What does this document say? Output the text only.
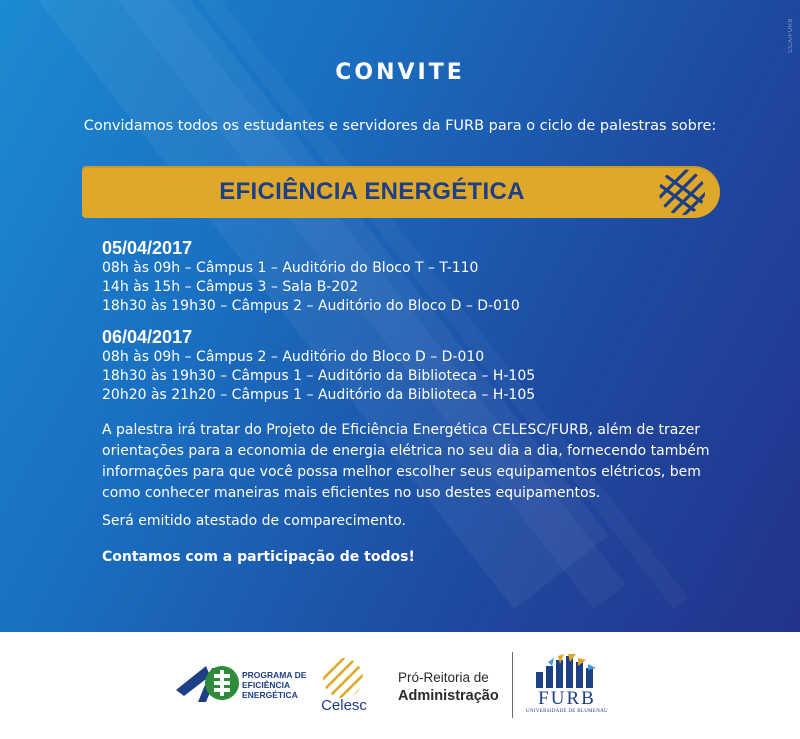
CCA/FURB
CONVITE
Convidamos todos os estudantes e servidores da FURB para o ciclo de palestras sobre:
EFICIÊNCIA ENERGÉTICA
05/04/2017
08h às 09h – Câmpus 1 – Auditório do Bloco T – T-110
14h às 15h – Câmpus 3 – Sala B-202
18h30 às 19h30 – Câmpus 2 – Auditório do Bloco D – D-010
06/04/2017
08h às 09h – Câmpus 2 – Auditório do Bloco D – D-010
18h30 às 19h30 – Câmpus 1 – Auditório da Biblioteca – H-105
20h20 às 21h20 – Câmpus 1 – Auditório da Biblioteca – H-105
A palestra irá tratar do Projeto de Eficiência Energética CELESC/FURB, além de trazer
orientações para a economia de energia elétrica no seu dia a dia, fornecendo também
informações para que você possa melhor escolher seus equipamentos elétricos, bem
como conhecer maneiras mais eficientes no uso destes equipamentos.
Será emitido atestado de comparecimento.
Contamos com a participação de todos!
PROGRAMA DE
EFICIÊNCIA
ENERGÉTICA
Celesc
Pró-Reitoria de
Administração	FURB
UNIVERSIDADE DE BLUMENAU
